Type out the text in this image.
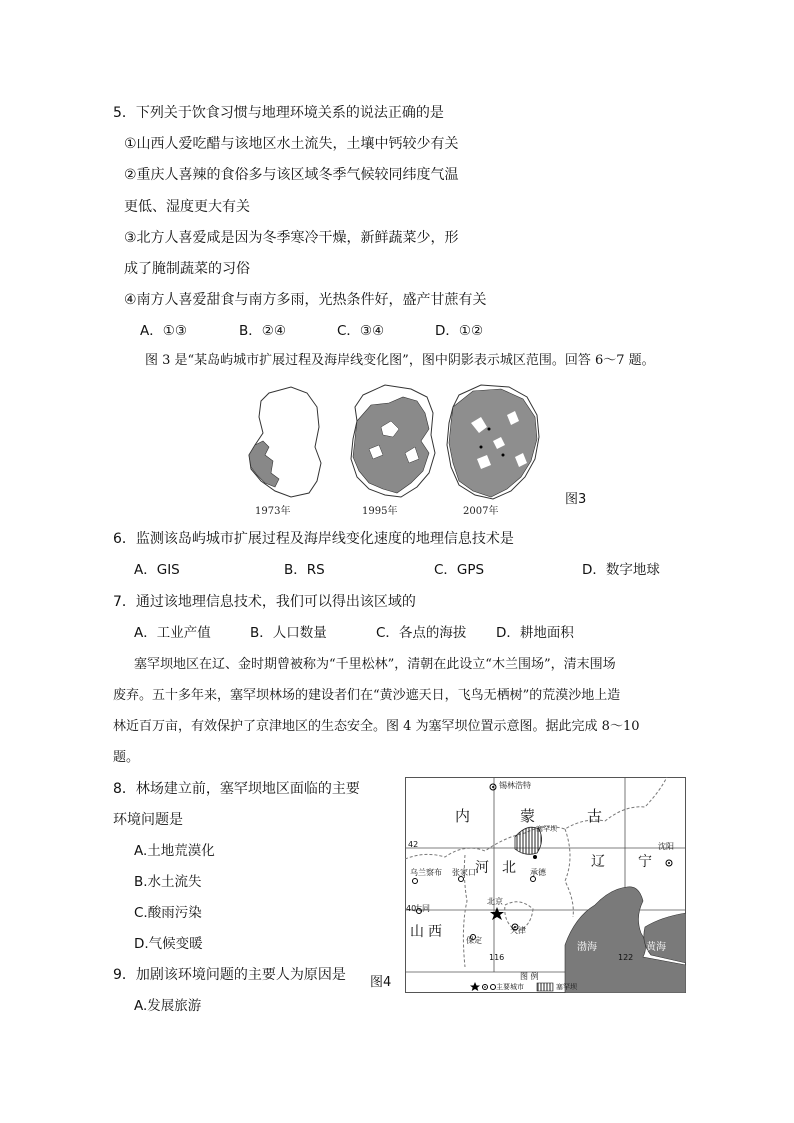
5．下列关于饮食习惯与地理环境关系的说法正确的是
①山西人爱吃醋与该地区水土流失，土壤中钙较少有关
②重庆人喜辣的食俗多与该区域冬季气候较同纬度气温
更低、湿度更大有关
③北方人喜爱咸是因为冬季寒冷干燥，新鲜蔬菜少，形
成了腌制蔬菜的习俗
④南方人喜爱甜食与南方多雨，光热条件好，盛产甘蔗有关
A．①③	B．②④	C．③④	D．①②
图 3 是“某岛屿城市扩展过程及海岸线变化图”，图中阴影表示城区范围。回答 6～7 题。
1973年	1995年	2007年
图3
6．监测该岛屿城市扩展过程及海岸线变化速度的地理信息技术是
A．GIS	B．RS	C．GPS	D．数字地球
7．通过该地理信息技术，我们可以得出该区域的
A．工业产值	B．人口数量	C．各点的海拔 D．耕地面积
塞罕坝地区在辽、金时期曾被称为“千里松林”，清朝在此设立“木兰围场”，清末围场
废弃。五十多年来，塞罕坝林场的建设者们在“黄沙遮天日，飞鸟无栖树”的荒漠沙地上造
林近百万亩，有效保护了京津地区的生态安全。图 4 为塞罕坝位置示意图。据此完成 8～10
题。
8．林场建立前，塞罕坝地区面临的主要
环境问题是
A.土地荒漠化
B.水土流失
C.酸雨污染
D.气候变暖
9．加剧该环境问题的主要人为原因是
A.发展旅游
锡林浩特
内	蒙	古
塞罕坝
42
乌兰察布 张家口 河 北 承德
辽 宁
沈阳
40
大同
北京
天津
山 西
保定
渤海	黄海
116	122
图 例
主要城市	塞罕坝
图4
